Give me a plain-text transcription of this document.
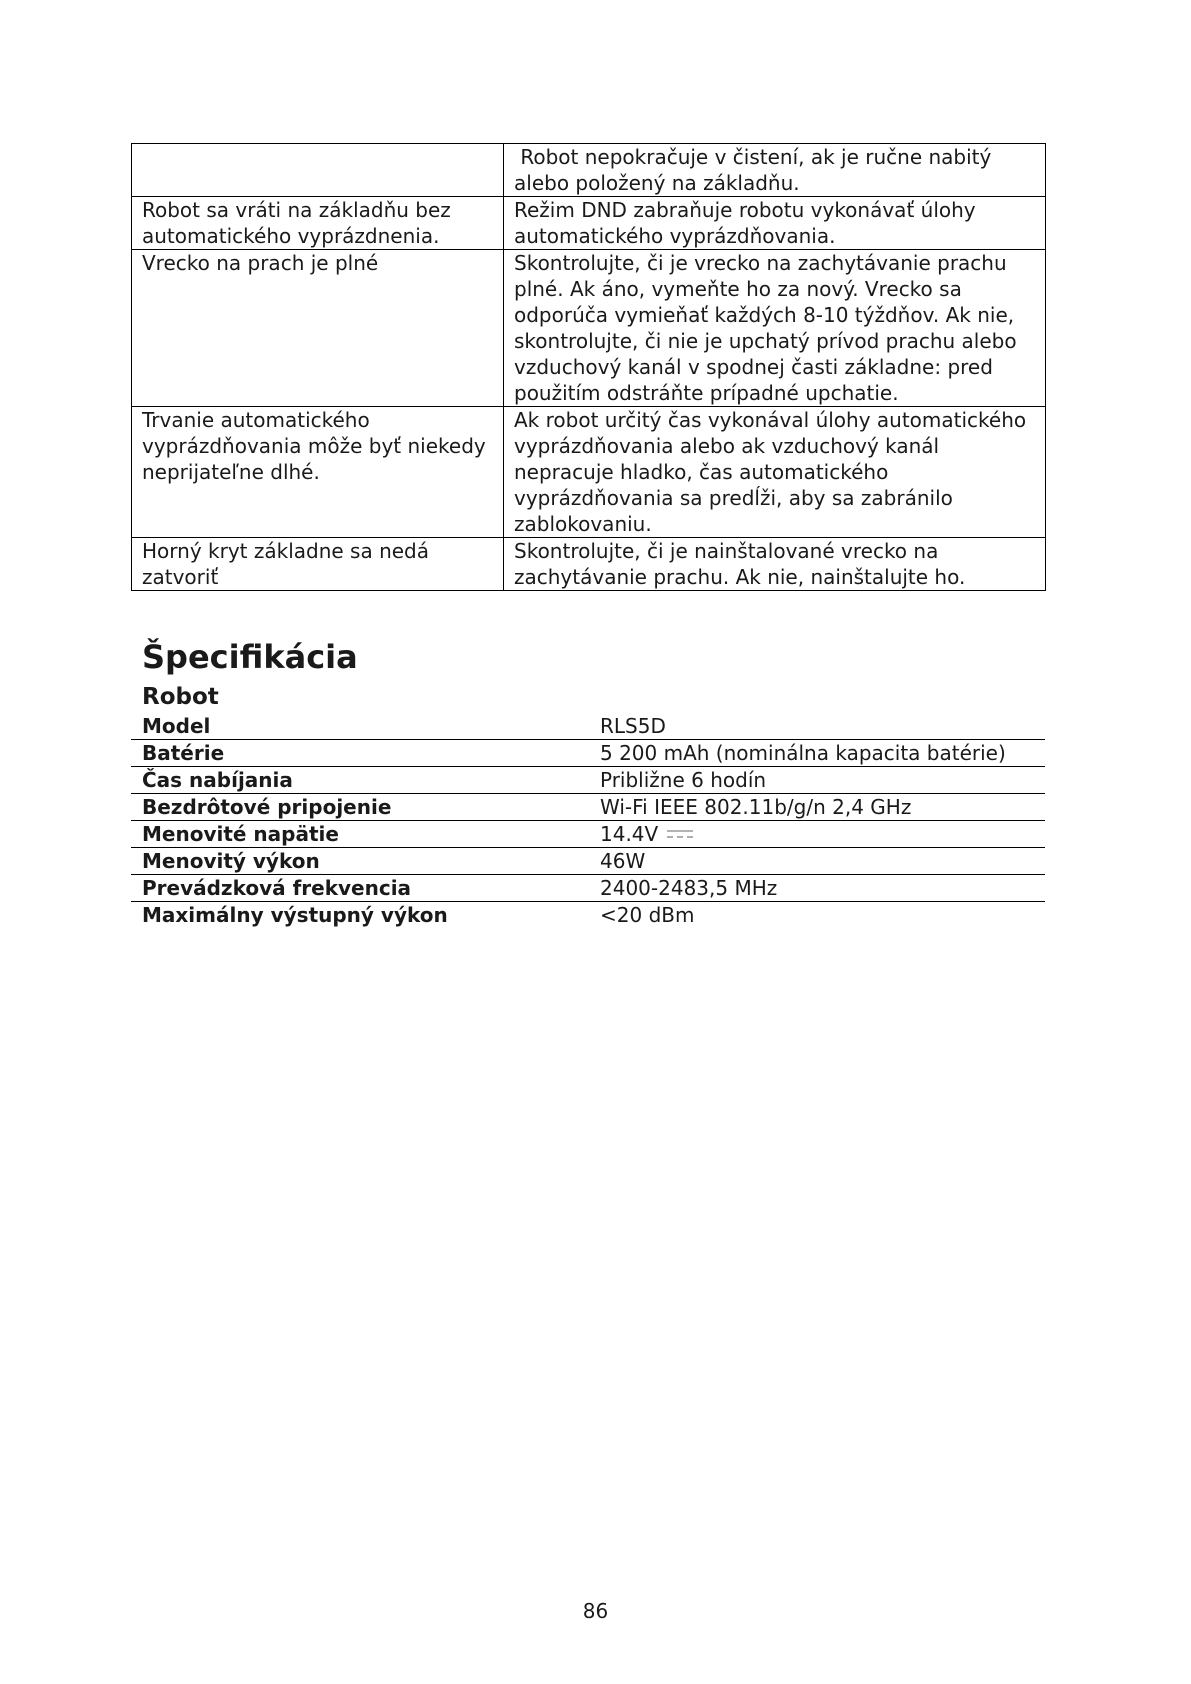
	Robot nepokračuje v čistení, ak je ručne nabitý alebo položený na základňu.
Robot sa vráti na základňu bez automatického vyprázdnenia.	Režim DND zabraňuje robotu vykonávať úlohy automatického vyprázdňovania.
Vrecko na prach je plné	Skontrolujte, či je vrecko na zachytávanie prachu plné. Ak áno, vymeňte ho za nový. Vrecko sa odporúča vymieňať každých 8-10 týždňov. Ak nie, skontrolujte, či nie je upchatý prívod prachu alebo vzduchový kanál v spodnej časti základne: pred použitím odstráňte prípadné upchatie.
Trvanie automatického vyprázdňovania môže byť niekedy neprijateľne dlhé.	Ak robot určitý čas vykonával úlohy automatického vyprázdňovania alebo ak vzduchový kanál nepracuje hladko, čas automatického vyprázdňovania sa predĺži, aby sa zabránilo zablokovaniu.
Horný kryt základne sa nedá zatvoriť	Skontrolujte, či je nainštalované vrecko na zachytávanie prachu. Ak nie, nainštalujte ho.
Špecifikácia
Robot
Model	RLS5D
Batérie	5 200 mAh (nominálna kapacita batérie)
Čas nabíjania	Približne 6 hodín
Bezdrôtové pripojenie	Wi-Fi IEEE 802.11b/g/n 2,4 GHz
Menovité napätie	14.4V
Menovitý výkon	46W
Prevádzková frekvencia	2400-2483,5 MHz
Maximálny výstupný výkon	<20 dBm
86
